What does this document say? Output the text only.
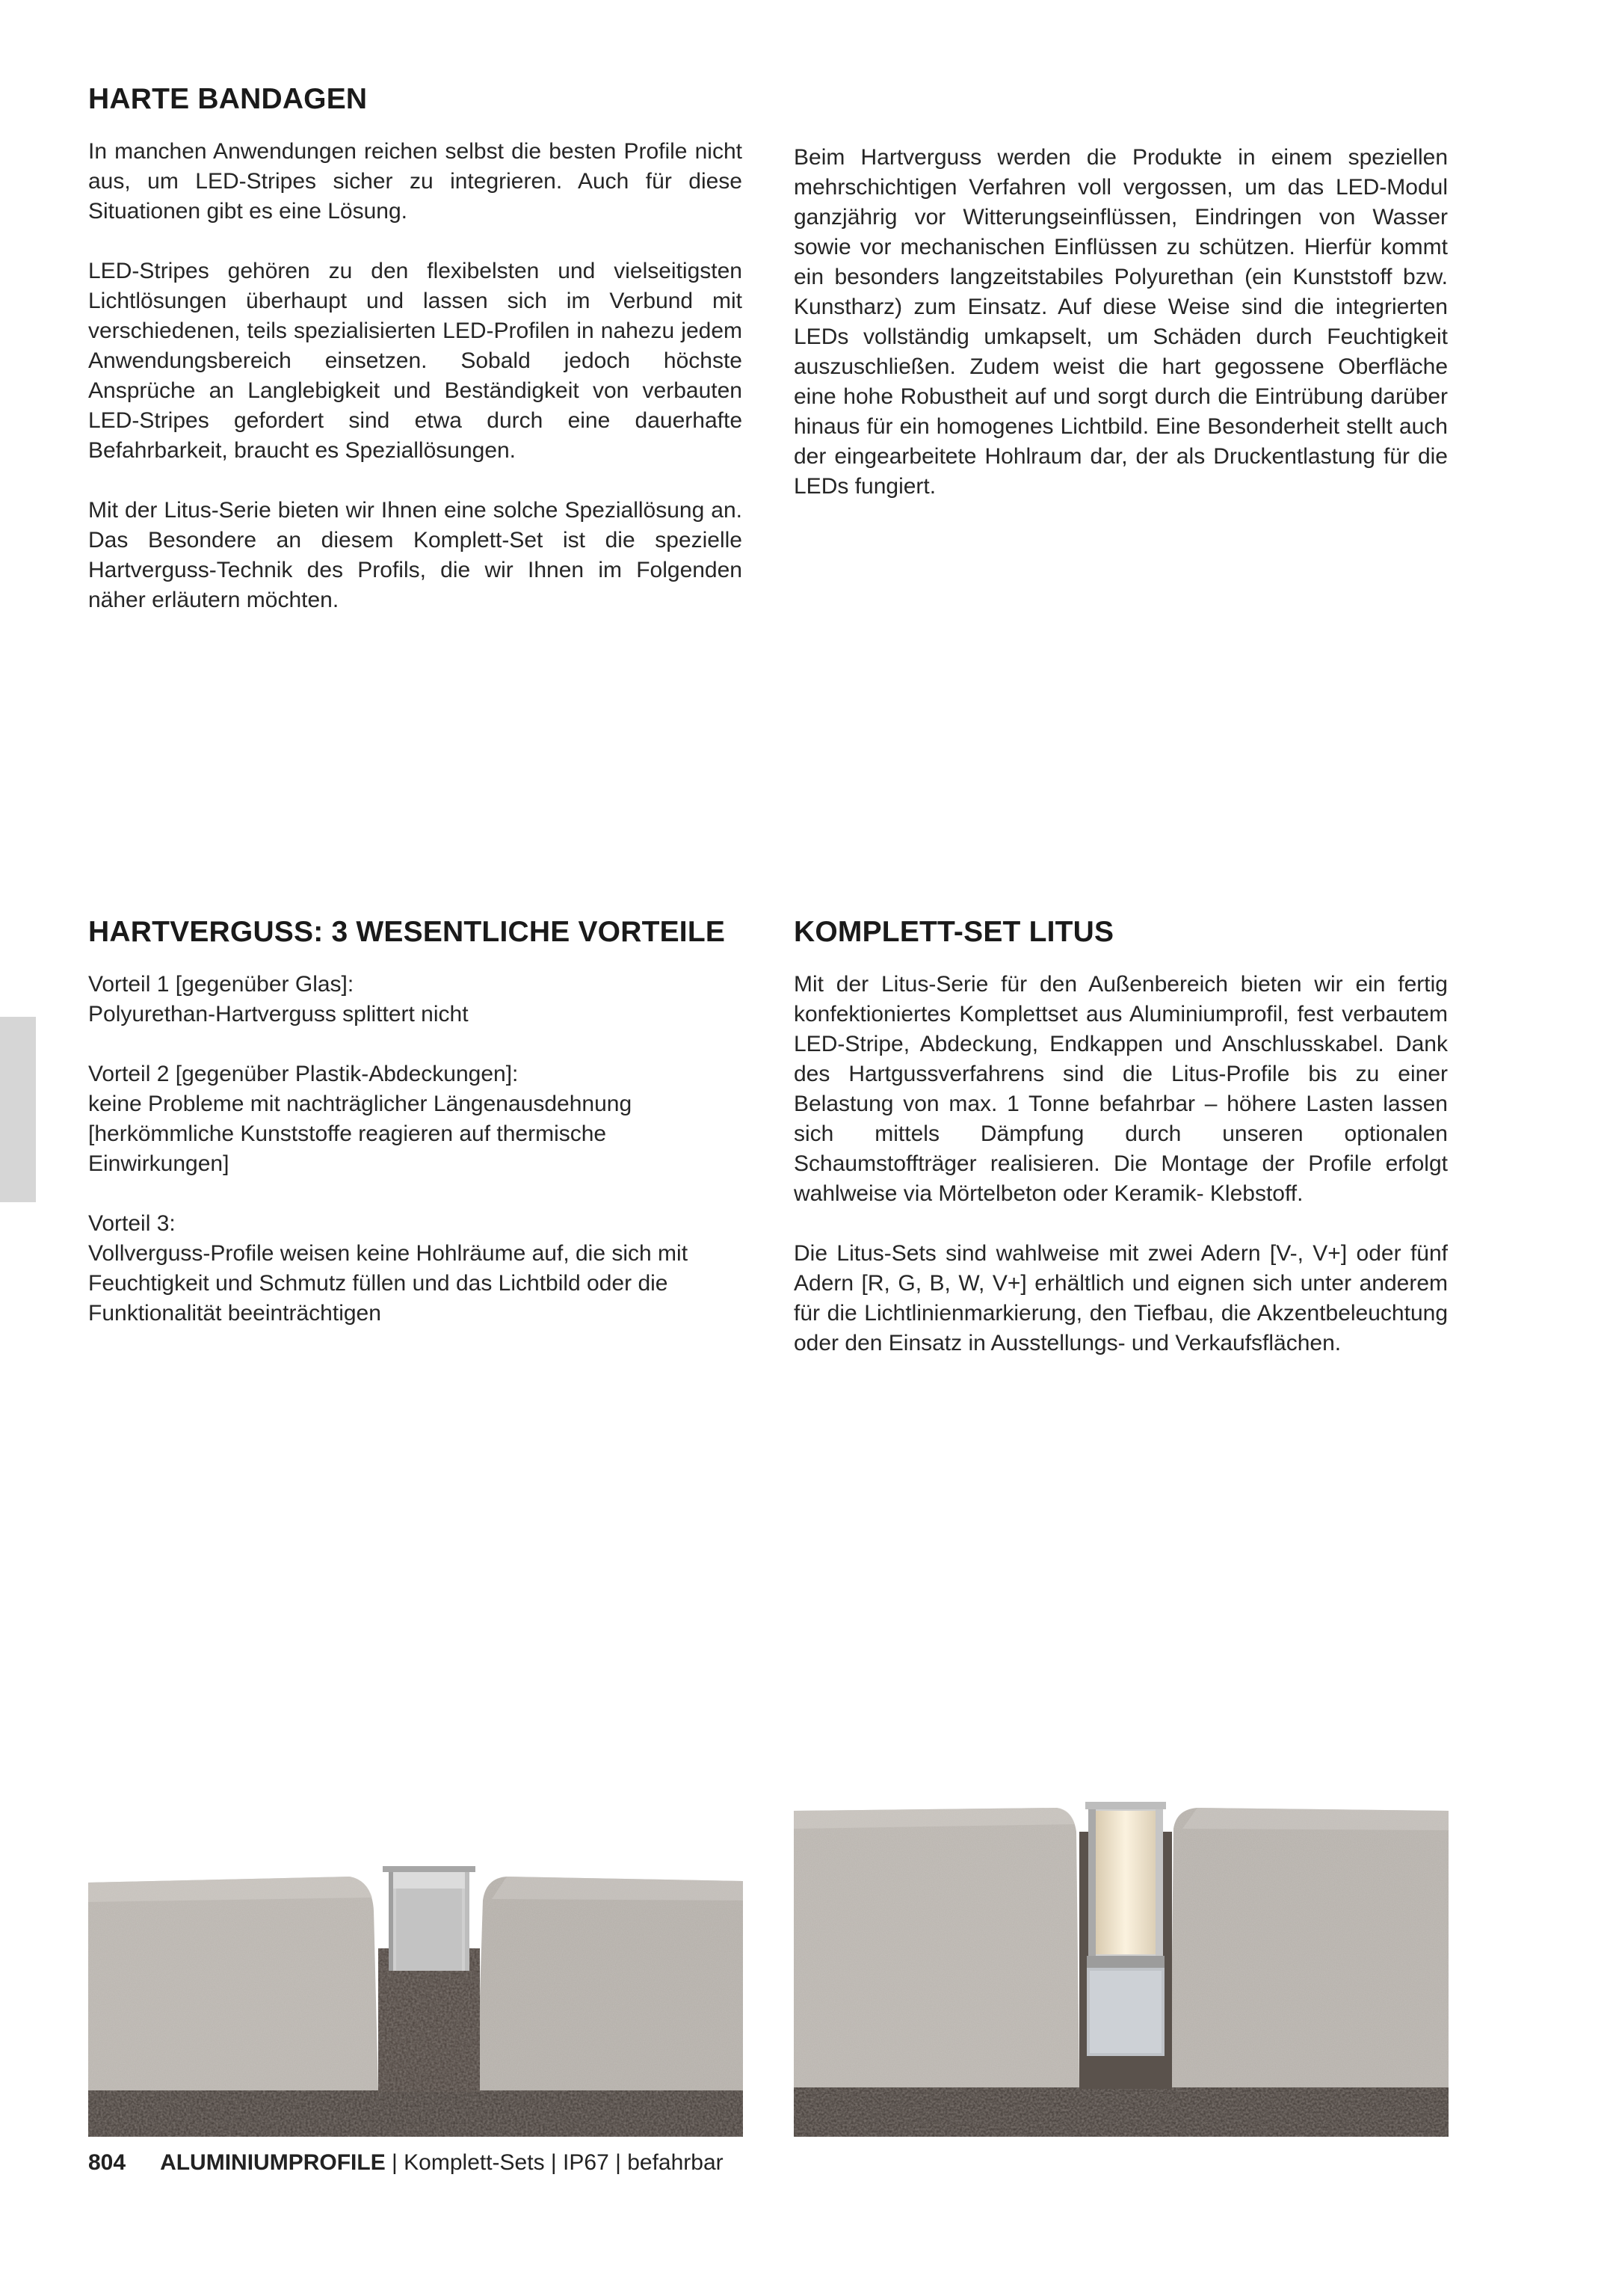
HARTE BANDAGEN

In manchen Anwendungen reichen selbst die besten Profile nicht aus, um LED-Stripes sicher zu integrieren. Auch für diese Situationen gibt es eine Lösung.

LED-Stripes gehören zu den flexibelsten und vielseitigsten Lichtlösungen überhaupt und lassen sich im Verbund mit verschiedenen, teils spezialisierten LED-Profilen in nahezu jedem Anwendungsbereich einsetzen. Sobald jedoch höchste Ansprüche an Langlebigkeit und Beständigkeit von verbauten LED-Stripes gefordert sind etwa durch eine dauerhafte Befahrbarkeit, braucht es Speziallösungen.

Mit der Litus-Serie bieten wir Ihnen eine solche Speziallösung an. Das Besondere an diesem Komplett-Set ist die spezielle Hartverguss-Technik des Profils, die wir Ihnen im Folgenden näher erläutern möchten.

Beim Hartverguss werden die Produkte in einem speziellen mehrschichtigen Verfahren voll vergossen, um das LED-Modul ganzjährig vor Witterungseinflüssen, Eindringen von Wasser sowie vor mechanischen Einflüssen zu schützen. Hierfür kommt ein besonders langzeitstabiles Polyurethan (ein Kunststoff bzw. Kunstharz) zum Einsatz. Auf diese Weise sind die integrierten LEDs vollständig umkapselt, um Schäden durch Feuchtigkeit auszuschließen. Zudem weist die hart gegossene Oberfläche eine hohe Robustheit auf und sorgt durch die Eintrübung darüber hinaus für ein homogenes Lichtbild. Eine Besonderheit stellt auch der eingearbeitete Hohlraum dar, der als Druckentlastung für die LEDs fungiert.

HARTVERGUSS: 3 WESENTLICHE VORTEILE

Vorteil 1 [gegenüber Glas]:

Polyurethan-Hartverguss splittert nicht

Vorteil 2 [gegenüber Plastik-Abdeckungen]:

keine Probleme mit nachträglicher Längenausdehnung [herkömmliche Kunststoffe reagieren auf thermische Einwirkungen]

Vorteil 3:

Vollverguss-Profile weisen keine Hohlräume auf, die sich mit Feuchtigkeit und Schmutz füllen und das Lichtbild oder die Funktionalität beeinträchtigen

KOMPLETT-SET LITUS

Mit der Litus-Serie für den Außenbereich bieten wir ein fertig konfektioniertes Komplettset aus Aluminiumprofil, fest verbautem LED-Stripe, Abdeckung, Endkappen und Anschlusskabel. Dank des Hartgussverfahrens sind die Litus-Profile bis zu einer Belastung von max. 1 Tonne befahrbar – höhere Lasten lassen sich mittels Dämpfung durch unseren optionalen Schaumstoffträger realisieren. Die Montage der Profile erfolgt wahlweise via Mörtelbeton oder Keramik- Klebstoff.

Die Litus-Sets sind wahlweise mit zwei Adern [V-, V+] oder fünf Adern [R, G, B, W, V+] erhältlich und eignen sich unter anderem für die Lichtlinienmarkierung, den Tiefbau, die Akzentbeleuchtung oder den Einsatz in Ausstellungs- und Verkaufsflächen.

804 ALUMINIUMPROFILE | Komplett-Sets | IP67 | befahrbar
